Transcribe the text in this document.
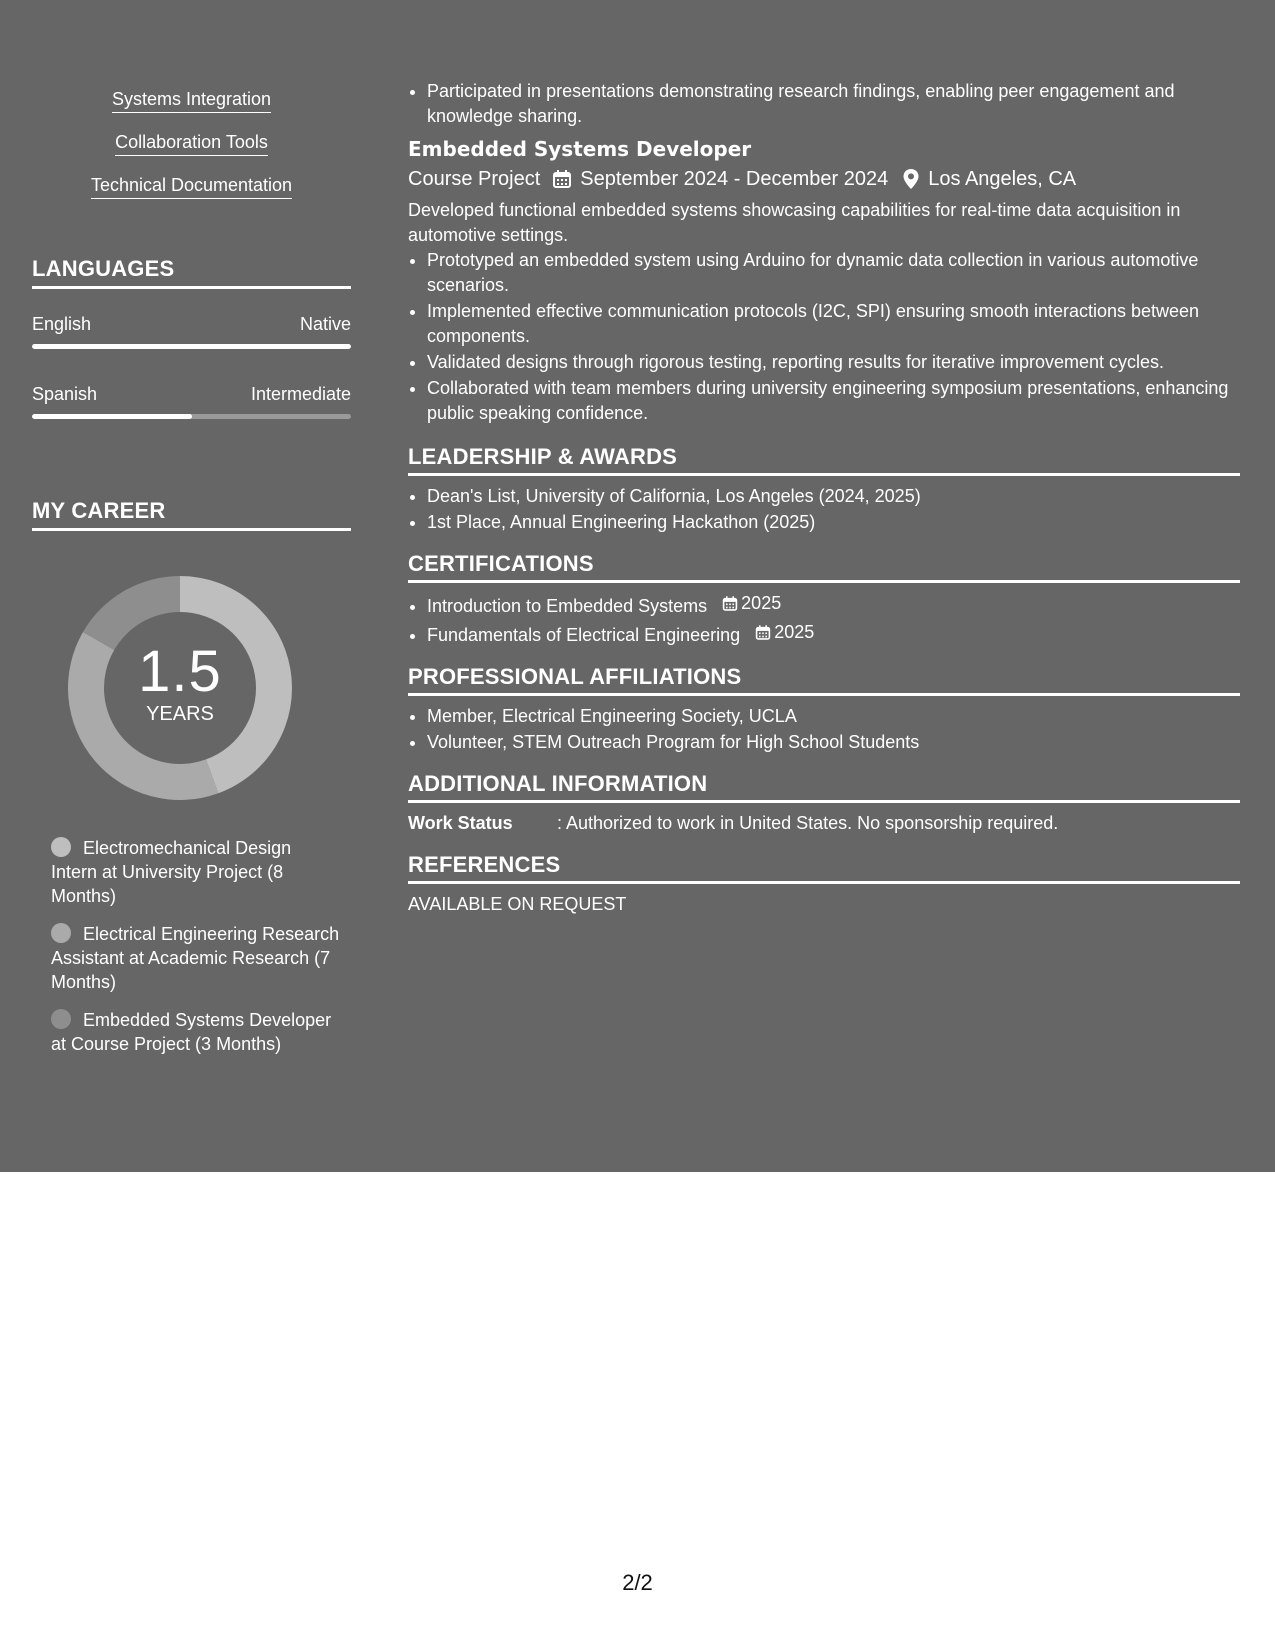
Systems Integration
Collaboration Tools
Technical Documentation
LANGUAGES
English	Native
Spanish	Intermediate
MY CAREER
1.5
YEARS
Electromechanical Design Intern at University Project (8 Months)
Electrical Engineering Research Assistant at Academic Research (7 Months)
Embedded Systems Developer at Course Project (3 Months)
• Participated in presentations demonstrating research findings, enabling peer engagement and knowledge sharing.
Embedded Systems Developer
Course Project September 2024 - December 2024 Los Angeles, CA
Developed functional embedded systems showcasing capabilities for real-time data acquisition in automotive settings.
• Prototyped an embedded system using Arduino for dynamic data collection in various automotive scenarios.
• Implemented effective communication protocols (I2C, SPI) ensuring smooth interactions between components.
• Validated designs through rigorous testing, reporting results for iterative improvement cycles.
• Collaborated with team members during university engineering symposium presentations, enhancing public speaking confidence.
LEADERSHIP & AWARDS
• Dean's List, University of California, Los Angeles (2024, 2025)
• 1st Place, Annual Engineering Hackathon (2025)
CERTIFICATIONS
• Introduction to Embedded Systems 2025
• Fundamentals of Electrical Engineering 2025
PROFESSIONAL AFFILIATIONS
• Member, Electrical Engineering Society, UCLA
• Volunteer, STEM Outreach Program for High School Students
ADDITIONAL INFORMATION
Work Status	: Authorized to work in United States. No sponsorship required.
REFERENCES
AVAILABLE ON REQUEST
2/2
